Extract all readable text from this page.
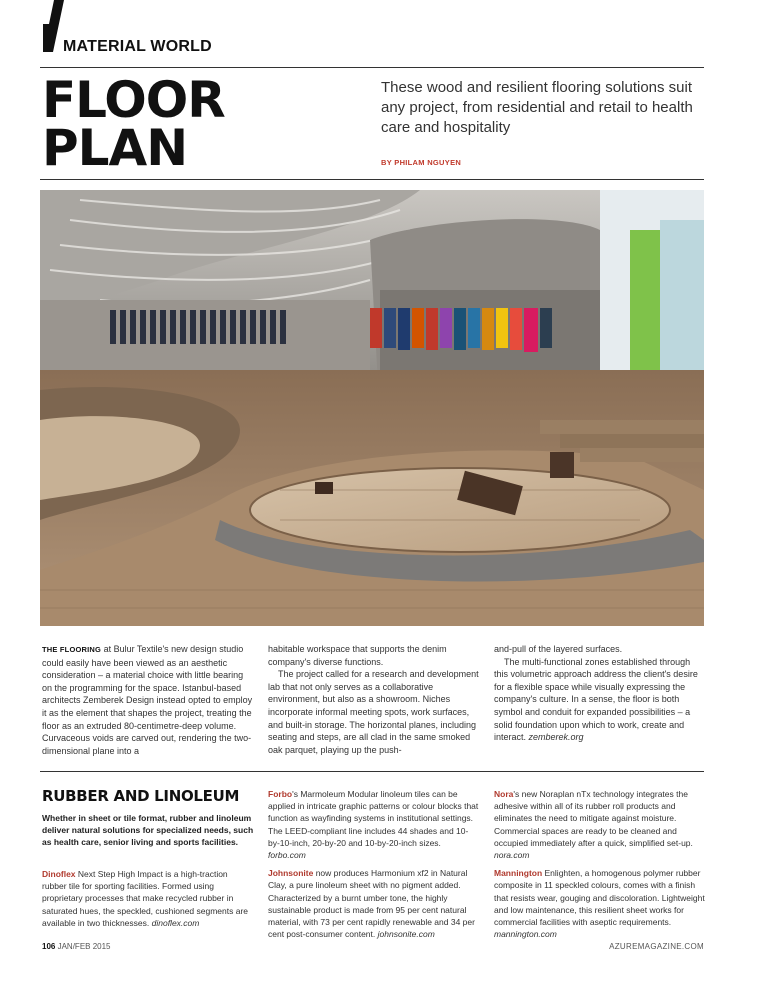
MATERIAL WORLD
FLOOR
PLAN
These wood and resilient flooring solutions suit any project, from residential and retail to health care and hospitality
BY PHILAM NGUYEN

THE FLOORING at Bulur Textile's new design studio could easily have been viewed as an aesthetic consideration – a material choice with little bearing on the programming for the space. Istanbul-based architects Zemberek Design instead opted to employ it as the element that shapes the project, treating the floor as an extruded 80-centimetre-deep volume. Curvaceous voids are carved out, rendering the two-dimensional plane into a

habitable workspace that supports the denim company's diverse functions.

The project called for a research and development lab that not only serves as a collaborative environment, but also as a showroom. Niches incorporate informal meeting spots, work surfaces, and built-in storage. The horizontal planes, including seating and steps, are all clad in the same smoked oak parquet, playing up the push-

and-pull of the layered surfaces.

The multi-functional zones established through this volumetric approach address the client's desire for a flexible space while visually expressing the company's culture. In a sense, the floor is both symbol and conduit for expanded possibilities – a solid foundation upon which to work, create and interact. zemberek.org

RUBBER AND LINOLEUM
Whether in sheet or tile format, rubber and linoleum deliver natural solutions for specialized needs, such as health care, senior living and sports facilities.

Dinoflex Next Step High Impact is a high-traction rubber tile for sporting facilities. Formed using proprietary processes that make recycled rubber in saturated hues, the speckled, cushioned segments are available in two thicknesses. dinoflex.com

Forbo's Marmoleum Modular linoleum tiles can be applied in intricate graphic patterns or colour blocks that function as wayfinding systems in institutional settings. The LEED-compliant line includes 44 shades and 10-by-10-inch, 20-by-20 and 10-by-20-inch sizes. forbo.com

Johnsonite now produces Harmonium xf2 in Natural Clay, a pure linoleum sheet with no pigment added. Characterized by a burnt umber tone, the highly sustainable product is made from 95 per cent natural material, with 73 per cent rapidly renewable and 34 per cent post-consumer content. johnsonite.com

Nora's new Noraplan nTx technology integrates the adhesive within all of its rubber roll products and eliminates the need to mitigate against moisture. Commercial spaces are ready to be cleaned and occupied immediately after a quick, simplified set-up. nora.com

Mannington Enlighten, a homogenous polymer rubber composite in 11 speckled colours, comes with a finish that resists wear, gouging and discoloration. Lightweight and low maintenance, this resilient sheet works for commercial facilities with aseptic requirements. mannington.com

106 JAN/FEB 2015	AZUREMAGAZINE.COM
